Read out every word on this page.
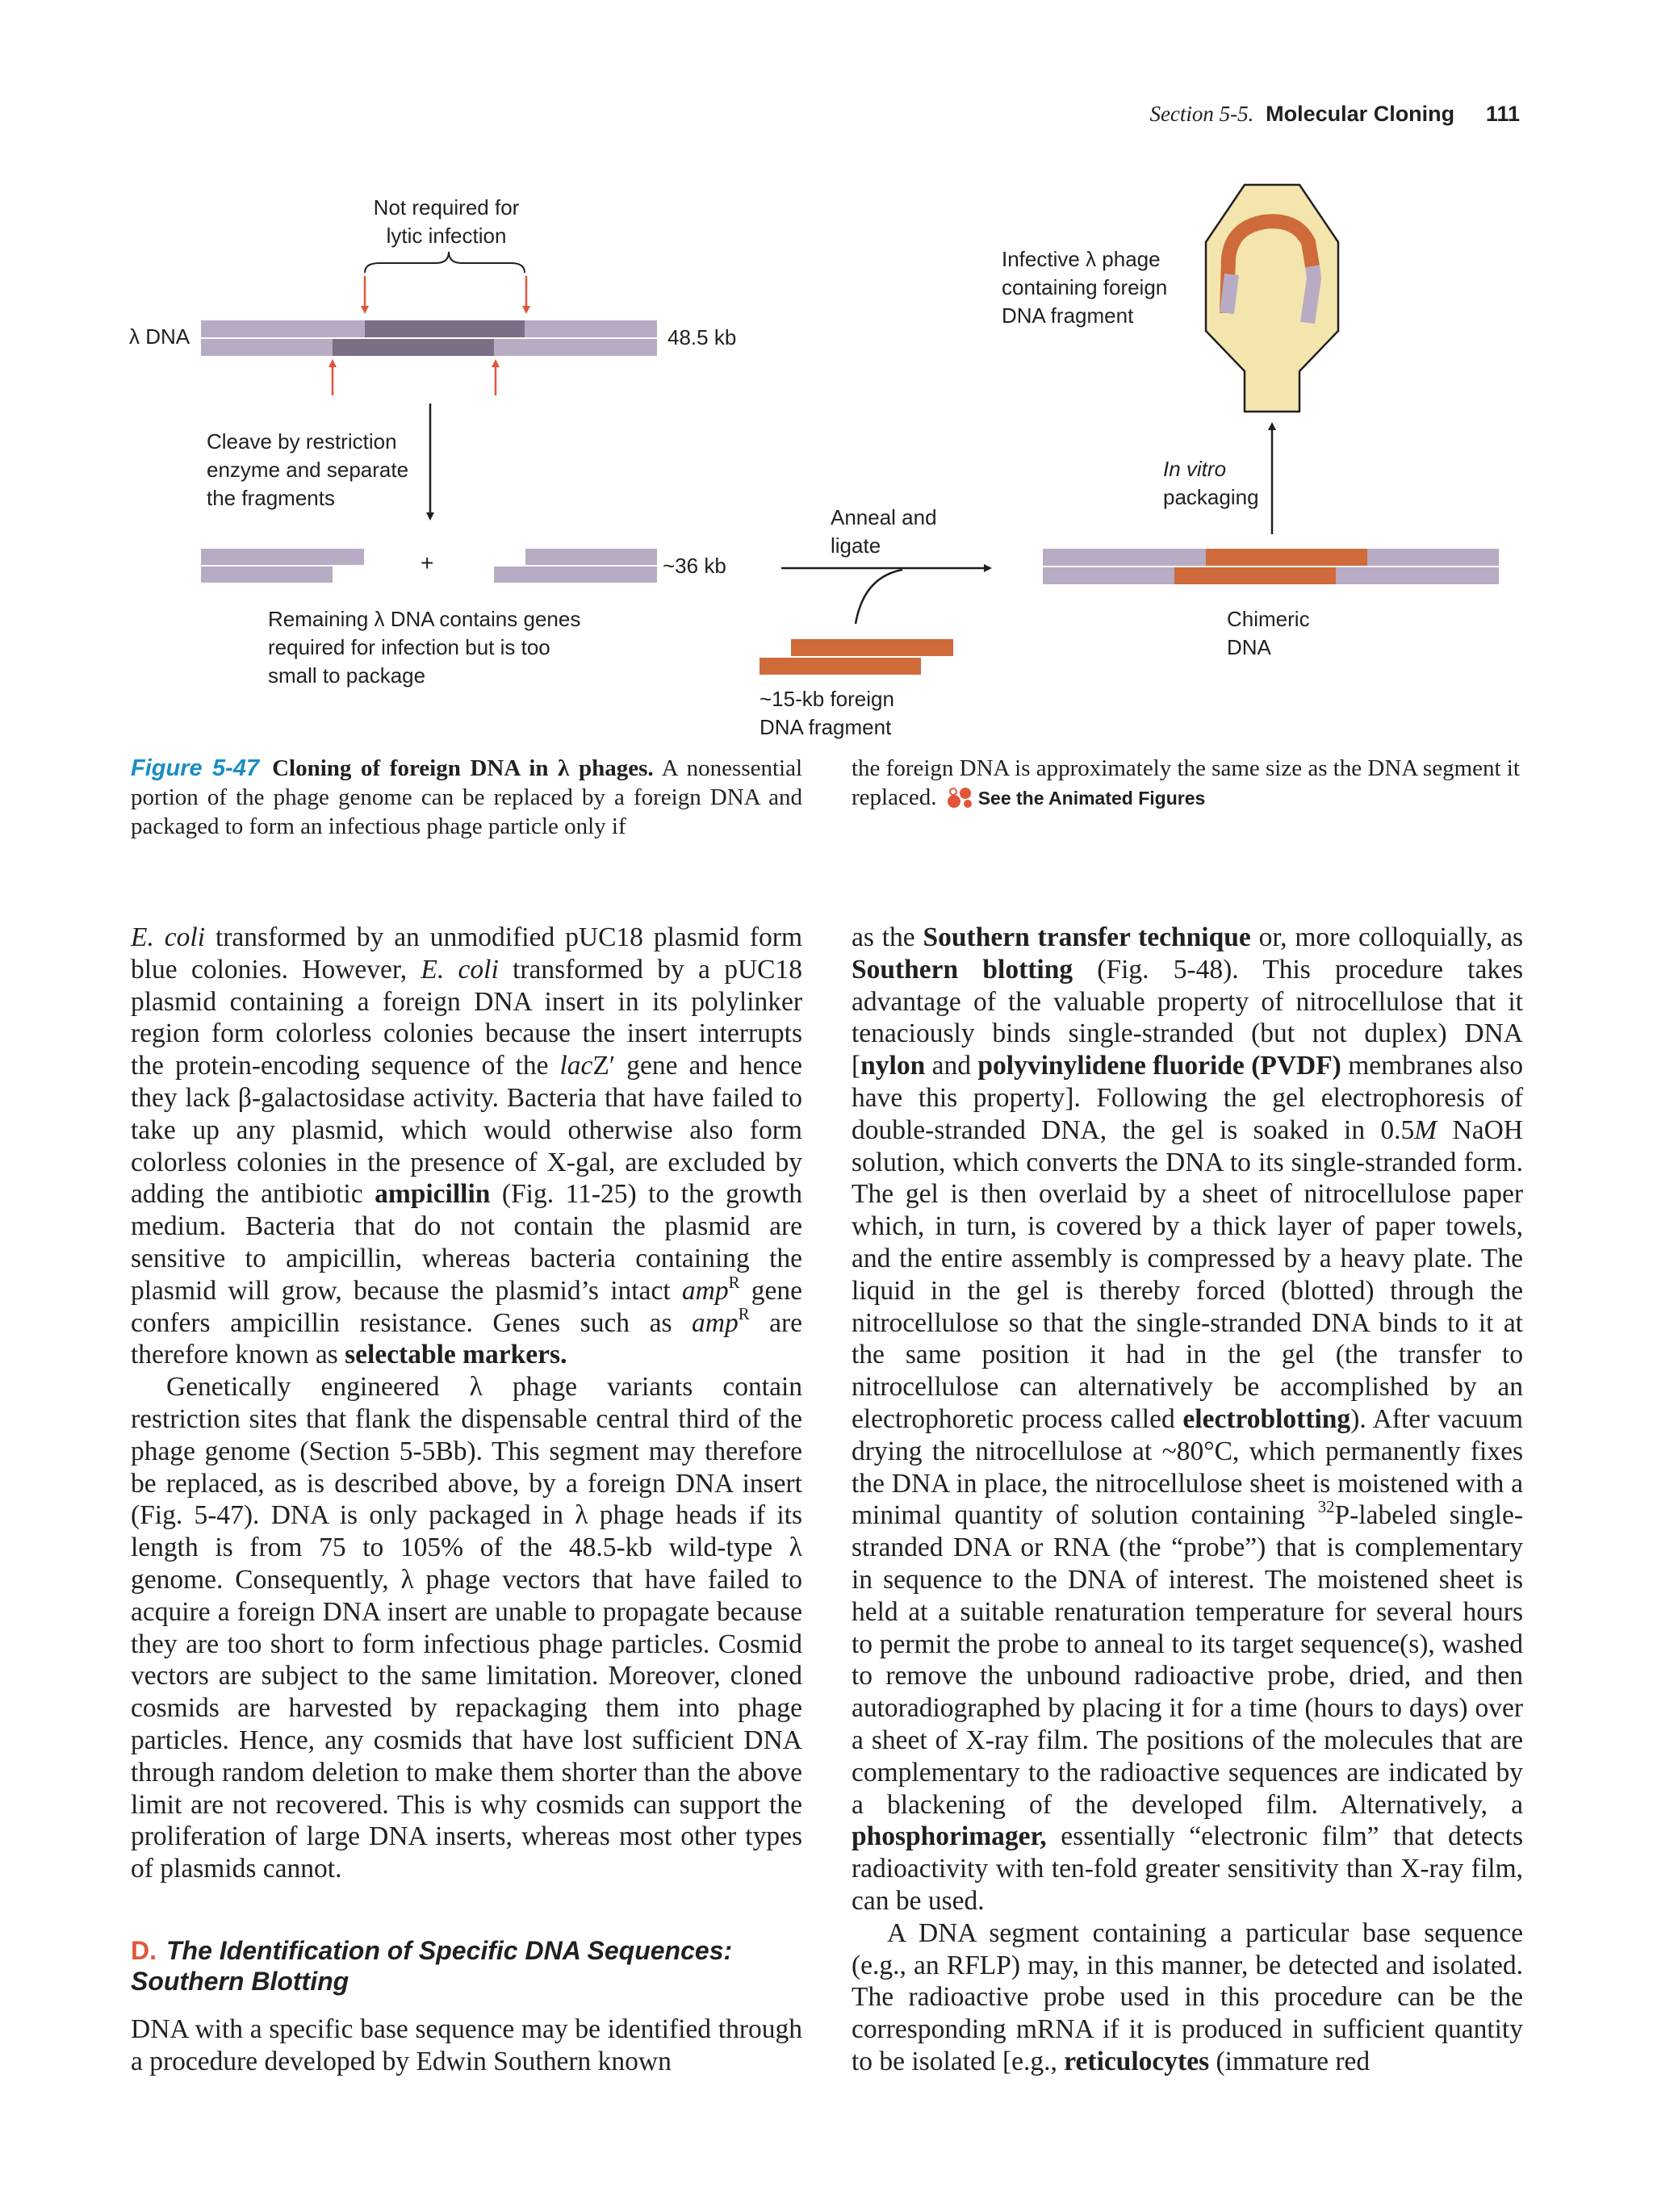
Section 5-5. Molecular Cloning 111
Not required for
lytic infection
λ DNA	48.5 kb
Cleave by restriction
enzyme and separate
the fragments
+	~36 kb
Remaining λ DNA contains genes
required for infection but is too
small to package
Anneal and
ligate
~15-kb foreign
DNA fragment
In vitro
packaging
Chimeric
DNA
Infective λ phage
containing foreign
DNA fragment
Figure 5-47 Cloning of foreign DNA in λ phages. A nonessential portion of the phage genome can be replaced by a foreign DNA and packaged to form an infectious phage particle only if
the foreign DNA is approximately the same size as the DNA segment it replaced. See the Animated Figures

E. coli transformed by an unmodified pUC18 plasmid form blue colonies. However, E. coli transformed by a pUC18 plasmid containing a foreign DNA insert in its polylinker region form colorless colonies because the insert interrupts the protein-encoding sequence of the lacZ′ gene and hence they lack β-galactosidase activity. Bacteria that have failed to take up any plasmid, which would otherwise also form colorless colonies in the presence of X-gal, are excluded by adding the antibiotic ampicillin (Fig. 11-25) to the growth medium. Bacteria that do not contain the plasmid are sensitive to ampicillin, whereas bacteria containing the plasmid will grow, because the plasmid’s intact amp$^R$ gene confers ampicillin resistance. Genes such as amp$^R$ are therefore known as selectable markers.

Genetically engineered λ phage variants contain restriction sites that flank the dispensable central third of the phage genome (Section 5-5Bb). This segment may therefore be replaced, as is described above, by a foreign DNA insert (Fig. 5-47). DNA is only packaged in λ phage heads if its length is from 75 to 105% of the 48.5-kb wild-type λ genome. Consequently, λ phage vectors that have failed to acquire a foreign DNA insert are unable to propagate because they are too short to form infectious phage particles. Cosmid vectors are subject to the same limitation. Moreover, cloned cosmids are harvested by repackaging them into phage particles. Hence, any cosmids that have lost sufficient DNA through random deletion to make them shorter than the above limit are not recovered. This is why cosmids can support the proliferation of large DNA inserts, whereas most other types of plasmids cannot.

D. The Identification of Specific DNA Sequences: Southern Blotting

DNA with a specific base sequence may be identified through a procedure developed by Edwin Southern known

as the Southern transfer technique or, more colloquially, as Southern blotting (Fig. 5-48). This procedure takes advantage of the valuable property of nitrocellulose that it tenaciously binds single-stranded (but not duplex) DNA [nylon and polyvinylidene fluoride (PVDF) membranes also have this property]. Following the gel electrophoresis of double-stranded DNA, the gel is soaked in 0.5M NaOH solution, which converts the DNA to its single-stranded form. The gel is then overlaid by a sheet of nitrocellulose paper which, in turn, is covered by a thick layer of paper towels, and the entire assembly is compressed by a heavy plate. The liquid in the gel is thereby forced (blotted) through the nitrocellulose so that the single-stranded DNA binds to it at the same position it had in the gel (the transfer to nitrocellulose can alternatively be accomplished by an electrophoretic process called electroblotting). After vacuum drying the nitrocellulose at ~80°C, which permanently fixes the DNA in place, the nitrocellulose sheet is moistened with a minimal quantity of solution containing $^{32}$P-labeled single-stranded DNA or RNA (the “probe”) that is complementary in sequence to the DNA of interest. The moistened sheet is held at a suitable renaturation temperature for several hours to permit the probe to anneal to its target sequence(s), washed to remove the unbound radioactive probe, dried, and then autoradiographed by placing it for a time (hours to days) over a sheet of X-ray film. The positions of the molecules that are complementary to the radioactive sequences are indicated by a blackening of the developed film. Alternatively, a phosphorimager, essentially “electronic film” that detects radioactivity with ten-fold greater sensitivity than X-ray film, can be used.

A DNA segment containing a particular base sequence (e.g., an RFLP) may, in this manner, be detected and isolated. The radioactive probe used in this procedure can be the corresponding mRNA if it is produced in sufficient quantity to be isolated [e.g., reticulocytes (immature red
